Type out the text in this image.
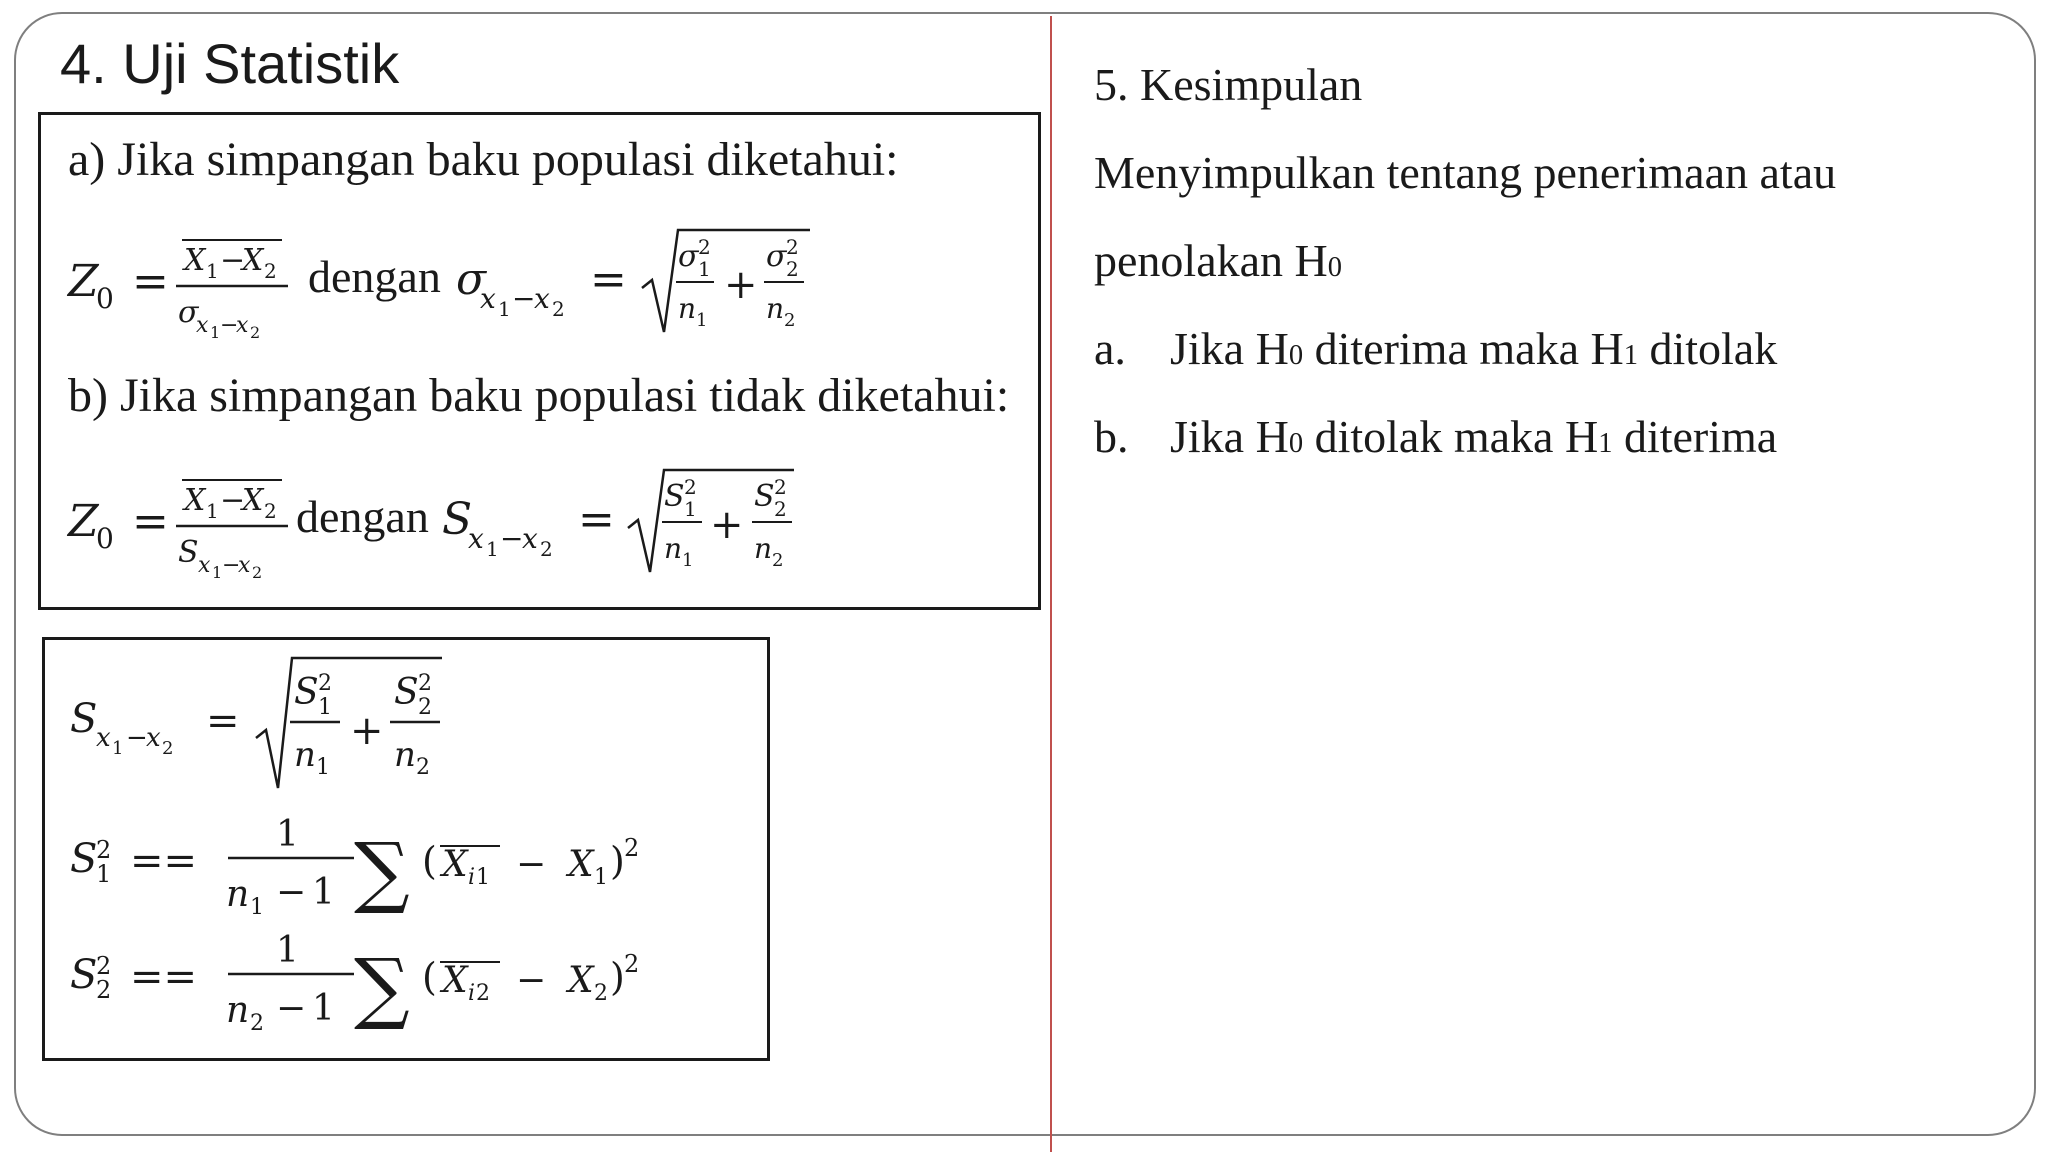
4. Uji Statistik
a) Jika simpangan baku populasi diketahui:
Z
0 = X 1 −
X 2
σ
x 1 −
x 2
dengan σ
x 1 −
x 2
= σ 2
1
n 1
+
σ 2
2
n 2
b) Jika simpangan baku populasi tidak diketahui:
Z
0 = X 1 −
X 2
S x 1 −
x 2
dengan S
x 1 −
x 2
= S 2
1
n 1
+
S 2
2
n 2
S
x 1 −
x 2
=
S 2
1
n 1
+
S 2
2
n 2
S
2
1 ==
1
n 1 − 1 ∑ ( X i 1 − X 1 ) 2
S
2
2 ==
1
n 2 − 1 ∑ ( X i 2 − X 2 ) 2
5. Kesimpulan
Menyimpulkan tentang penerimaan atau
penolakan H0
a. Jika H0 diterima maka H1 ditolak
b. Jika H0 ditolak maka H1 diterima
